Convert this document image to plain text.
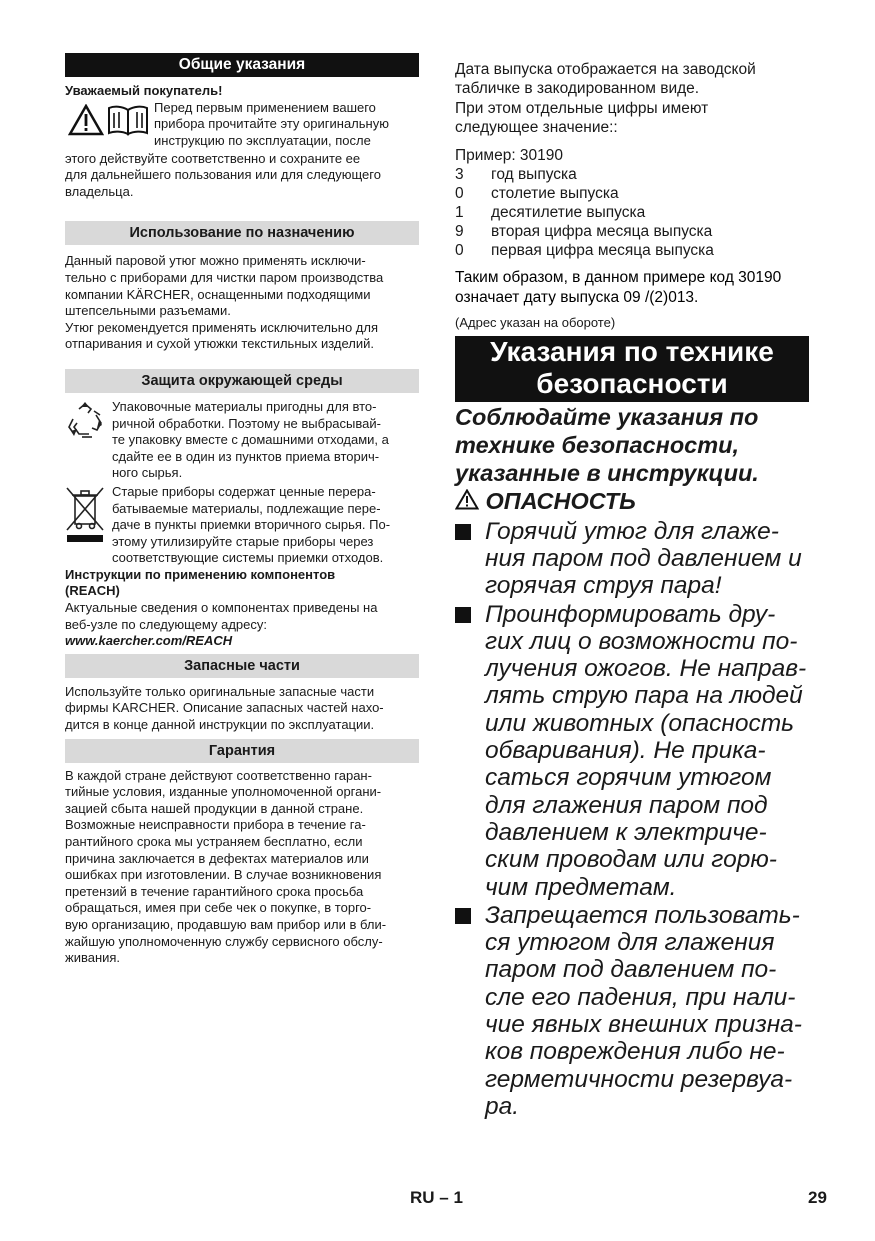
Общие указания

Уважаемый покупатель!

Перед первым применением вашего

прибора прочитайте эту оригинальную

инструкцию по эксплуатации, после

этого действуйте соответственно и сохраните ее

для дальнейшего пользования или для следующего

владельца.

Использование по назначению

Данный паровой утюг можно применять исключи-

тельно с приборами для чистки паром производства

компании KÄRCHER, оснащенными подходящими

штепсельными разъемами.

Утюг рекомендуется применять исключительно для

отпаривания и сухой утюжки текстильных изделий.

Защита окружающей среды

Упаковочные материалы пригодны для вто-

ричной обработки. Поэтому не выбрасывай-

те упаковку вместе с домашними отходами, а

сдайте ее в один из пунктов приема вторич-

ного сырья.

Старые приборы содержат ценные перера-

батываемые материалы, подлежащие пере-

даче в пункты приемки вторичного сырья. По-

этому утилизируйте старые приборы через

соответствующие системы приемки отходов.

Инструкции по применению компонентов

(REACH)

Актуальные сведения о компонентах приведены на

веб-узле по следующему адресу:

www.kaercher.com/REACH

Запасные части

Используйте только оригинальные запасные части

фирмы KARCHER. Описание запасных частей нахо-

дится в конце данной инструкции по эксплуатации.

Гарантия

В каждой стране действуют соответственно гаран-

тийные условия, изданные уполномоченной органи-

зацией сбыта нашей продукции в данной стране.

Возможные неисправности прибора в течение га-

рантийного срока мы устраняем бесплатно, если

причина заключается в дефектах материалов или

ошибках при изготовлении. В случае возникновения

претензий в течение гарантийного срока просьба

обращаться, имея при себе чек о покупке, в торго-

вую организацию, продавшую вам прибор или в бли-

жайшую уполномоченную службу сервисного обслу-

живания.

Дата выпуска отображается на заводской

табличке в закодированном виде.

При этом отдельные цифры имеют

следующее значение::

Пример: 30190

3	год выпуска
0	столетие выпуска
1	десятилетие выпуска
9	вторая цифра месяца выпуска
0	первая цифра месяца выпуска

Таким образом, в данном примере код 30190

означает дату выпуска 09 /(2)013.

(Адрес указан на обороте)

Указания по технике
безопасности

Соблюдайте указания по

технике безопасности,

указанные в инструкции.

ОПАСНОСТЬ

Горячий утюг для глаже-
ния паром под давлением и
горячая струя пара!
Проинформировать дру-
гих лиц о возможности по-
лучения ожогов. Не направ-
лять струю пара на людей
или животных (опасность
обваривания). Не прика-
саться горячим утюгом
для глажения паром под
давлением к электриче-
ским проводам или горю-
чим предметам.
Запрещается пользовать-
ся утюгом для глажения
паром под давлением по-
сле его падения, при нали-
чие явных внешних призна-
ков повреждения либо не-
герметичности резервуа-
ра.
RU – 1	29
